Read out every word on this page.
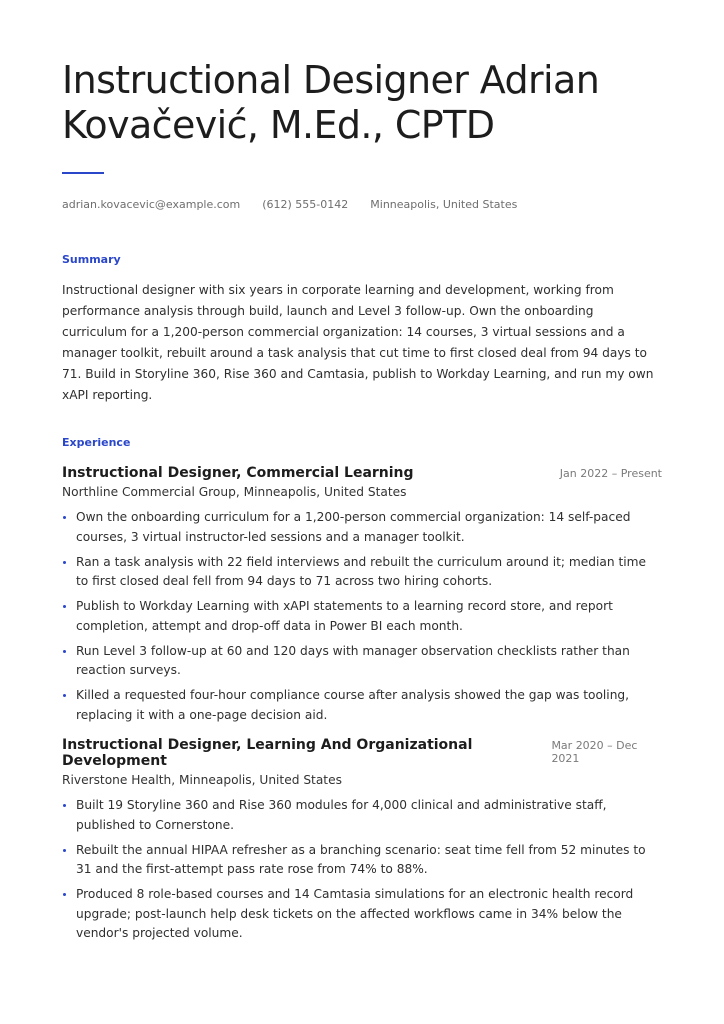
Instructional Designer Adrian Kovačević, M.Ed., CPTD
adrian.kovacevic@example.com (612) 555-0142 Minneapolis, United States
Summary

Instructional designer with six years in corporate learning and development, working from performance analysis through build, launch and Level 3 follow-up. Own the onboarding curriculum for a 1,200-person commercial organization: 14 courses, 3 virtual sessions and a manager toolkit, rebuilt around a task analysis that cut time to first closed deal from 94 days to 71. Build in Storyline 360, Rise 360 and Camtasia, publish to Workday Learning, and run my own xAPI reporting.

Experience
Instructional Designer, Commercial Learning	Jan 2022 – Present
Northline Commercial Group, Minneapolis, United States
Own the onboarding curriculum for a 1,200-person commercial organization: 14 self-paced courses, 3 virtual instructor-led sessions and a manager toolkit.
Ran a task analysis with 22 field interviews and rebuilt the curriculum around it; median time to first closed deal fell from 94 days to 71 across two hiring cohorts.
Publish to Workday Learning with xAPI statements to a learning record store, and report completion, attempt and drop-off data in Power BI each month.
Run Level 3 follow-up at 60 and 120 days with manager observation checklists rather than reaction surveys.
Killed a requested four-hour compliance course after analysis showed the gap was tooling, replacing it with a one-page decision aid.
Instructional Designer, Learning And Organizational Development
Mar 2020 – Dec 2021
Riverstone Health, Minneapolis, United States
Built 19 Storyline 360 and Rise 360 modules for 4,000 clinical and administrative staff, published to Cornerstone.
Rebuilt the annual HIPAA refresher as a branching scenario: seat time fell from 52 minutes to 31 and the first-attempt pass rate rose from 74% to 88%.
Produced 8 role-based courses and 14 Camtasia simulations for an electronic health record upgrade; post-launch help desk tickets on the affected workflows came in 34% below the vendor's projected volume.
